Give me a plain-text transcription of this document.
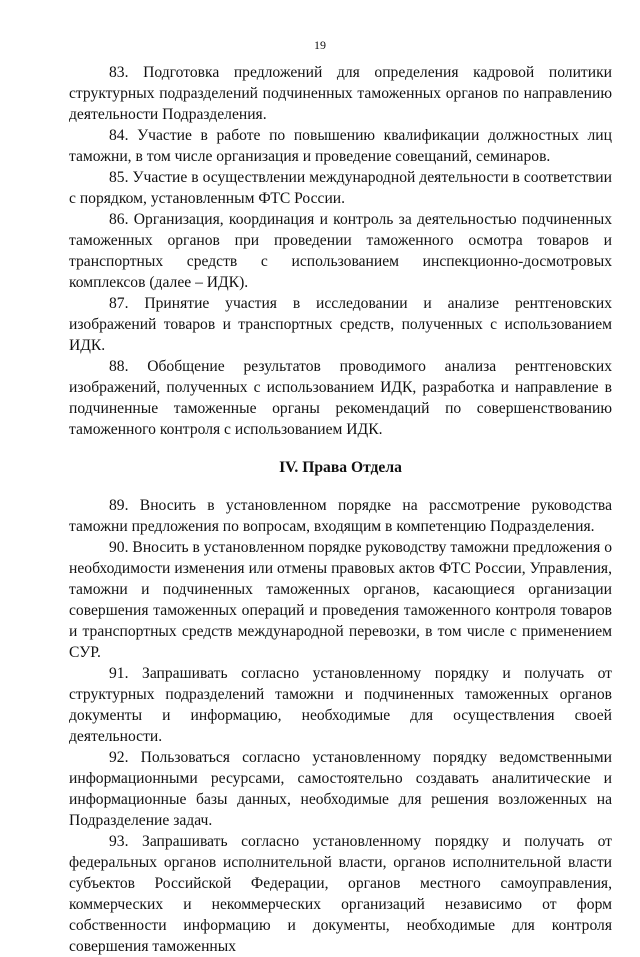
19

83. Подготовка предложений для определения кадровой политики структурных подразделений подчиненных таможенных органов по направлению деятельности Подразделения.

84. Участие в работе по повышению квалификации должностных лиц таможни, в том числе организация и проведение совещаний, семинаров.

85. Участие в осуществлении международной деятельности в соответствии с порядком, установленным ФТС России.

86. Организация, координация и контроль за деятельностью подчиненных таможенных органов при проведении таможенного осмотра товаров и транспортных средств с использованием инспекционно-досмотровых комплексов (далее – ИДК).

87. Принятие участия в исследовании и анализе рентгеновских изображений товаров и транспортных средств, полученных с использованием ИДК.

88. Обобщение результатов проводимого анализа рентгеновских изображений, полученных с использованием ИДК, разработка и направление в подчиненные таможенные органы рекомендаций по совершенствованию таможенного контроля с использованием ИДК.

IV. Права Отдела

89. Вносить в установленном порядке на рассмотрение руководства таможни предложения по вопросам, входящим в компетенцию Подразделения.

90. Вносить в установленном порядке руководству таможни предложения о необходимости изменения или отмены правовых актов ФТС России, Управления, таможни и подчиненных таможенных органов, касающиеся организации совершения таможенных операций и проведения таможенного контроля товаров и транспортных средств международной перевозки, в том числе с применением СУР.

91. Запрашивать согласно установленному порядку и получать от структурных подразделений таможни и подчиненных таможенных органов документы и информацию, необходимые для осуществления своей деятельности.

92. Пользоваться согласно установленному порядку ведомственными информационными ресурсами, самостоятельно создавать аналитические и информационные базы данных, необходимые для решения возложенных на Подразделение задач.

93. Запрашивать согласно установленному порядку и получать от федеральных органов исполнительной власти, органов исполнительной власти субъектов Российской Федерации, органов местного самоуправления, коммерческих и некоммерческих организаций независимо от форм собственности информацию и документы, необходимые для контроля совершения таможенных
